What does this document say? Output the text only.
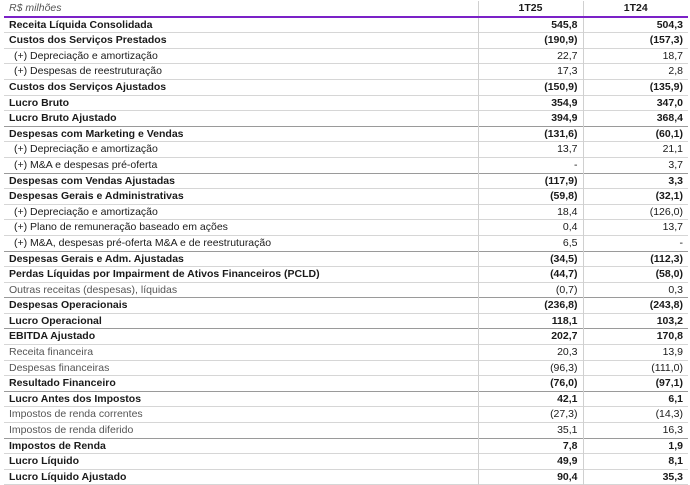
R$ milhões	1T25	1T24
Receita Líquida Consolidada	545,8	504,3
Custos dos Serviços Prestados	(190,9)	(157,3)
(+) Depreciação e amortização	22,7	18,7
(+) Despesas de reestruturação	17,3	2,8
Custos dos Serviços Ajustados	(150,9)	(135,9)
Lucro Bruto	354,9	347,0
Lucro Bruto Ajustado	394,9	368,4
Despesas com Marketing e Vendas	(131,6)	(60,1)
(+) Depreciação e amortização	13,7	21,1
(+) M&A e despesas pré-oferta	-	3,7
Despesas com Vendas Ajustadas	(117,9)	3,3
Despesas Gerais e Administrativas	(59,8)	(32,1)
(+) Depreciação e amortização	18,4	(126,0)
(+) Plano de remuneração baseado em ações	0,4	13,7
(+) M&A, despesas pré-oferta M&A e de reestruturação	6,5	-
Despesas Gerais e Adm. Ajustadas	(34,5)	(112,3)
Perdas Líquidas por Impairment de Ativos Financeiros (PCLD)	(44,7)	(58,0)
Outras receitas (despesas), líquidas	(0,7)	0,3
Despesas Operacionais	(236,8)	(243,8)
Lucro Operacional	118,1	103,2
EBITDA Ajustado	202,7	170,8
Receita financeira	20,3	13,9
Despesas financeiras	(96,3)	(111,0)
Resultado Financeiro	(76,0)	(97,1)
Lucro Antes dos Impostos	42,1	6,1
Impostos de renda correntes	(27,3)	(14,3)
Impostos de renda diferido	35,1	16,3
Impostos de Renda	7,8	1,9
Lucro Líquido	49,9	8,1
Lucro Líquido Ajustado	90,4	35,3
